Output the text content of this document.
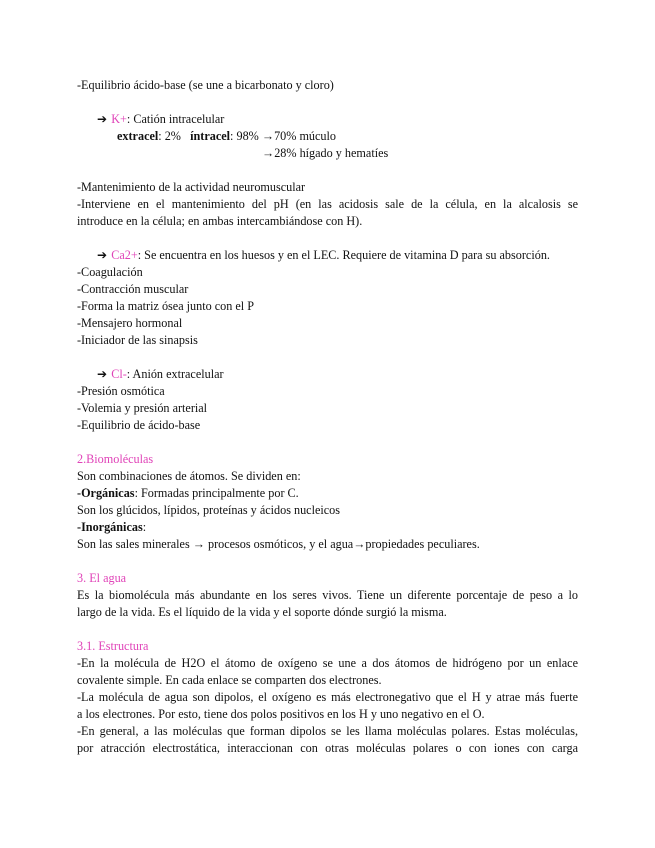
-Equilibrio ácido-base (se une a bicarbonato y cloro)
➔ K+: Catión intracelular
extracel: 2% íntracel: 98% →70% múculo
→28% hígado y hematíes
-Mantenimiento de la actividad neuromuscular
-Interviene en el mantenimiento del pH (en las acidosis sale de la célula, en la alcalosis se
introduce en la célula; en ambas intercambiándose con H).
➔ Ca2+: Se encuentra en los huesos y en el LEC. Requiere de vitamina D para su absorción.
-Coagulación
-Contracción muscular
-Forma la matriz ósea junto con el P
-Mensajero hormonal
-Iniciador de las sinapsis
➔ Cl-: Anión extracelular
-Presión osmótica
-Volemia y presión arterial
-Equilibrio de ácido-base
2.Biomoléculas
Son combinaciones de átomos. Se dividen en:
-Orgánicas: Formadas principalmente por C.
Son los glúcidos, lípidos, proteínas y ácidos nucleicos
-Inorgánicas:
Son las sales minerales → procesos osmóticos, y el agua→propiedades peculiares.
3. El agua
Es la biomolécula más abundante en los seres vivos. Tiene un diferente porcentaje de peso a lo
largo de la vida. Es el líquido de la vida y el soporte dónde surgió la misma.
3.1. Estructura
-En la molécula de H2O el átomo de oxígeno se une a dos átomos de hidrógeno por un enlace
covalente simple. En cada enlace se comparten dos electrones.
-La molécula de agua son dipolos, el oxígeno es más electronegativo que el H y atrae más fuerte
a los electrones. Por esto, tiene dos polos positivos en los H y uno negativo en el O.
-En general, a las moléculas que forman dipolos se les llama moléculas polares. Estas moléculas,
por atracción electrostática, interaccionan con otras moléculas polares o con iones con carga
